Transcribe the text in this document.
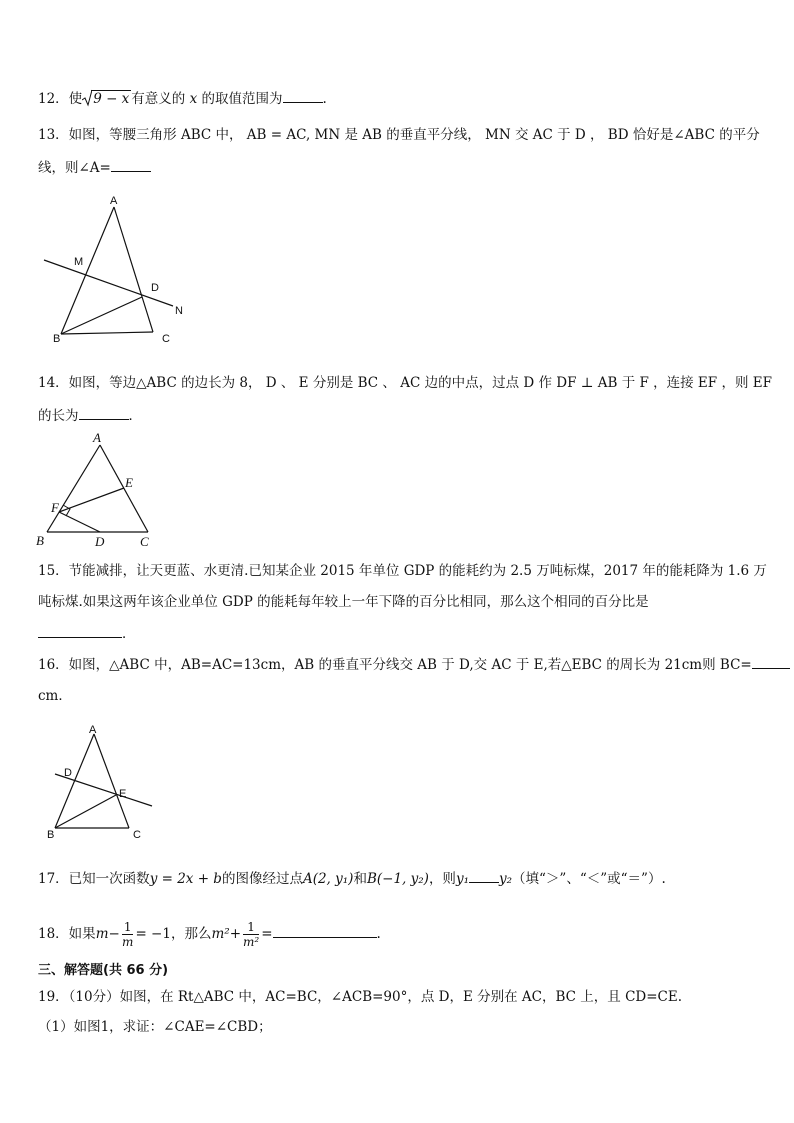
12．使 9 − x 有意义的 x 的取值范围为	.
13．如图，等腰三角形 ABC 中， AB = AC, MN 是 AB 的垂直平分线， MN 交 AC 于 D ， BD 恰好是∠ABC 的平分
线，则∠A=
A
M
D
N
B	C
14．如图，等边△ABC 的边长为 8， D 、 E 分别是 BC 、 AC 边的中点，过点 D 作 DF ⊥ AB 于 F ，连接 EF ，则 EF
的长为	．
A
E
F
B	D	C
15．节能减排，让天更蓝、水更清.已知某企业 2015 年单位 GDP 的能耗约为 2.5 万吨标煤，2017 年的能耗降为 1.6 万
吨标煤.如果这两年该企业单位 GDP 的能耗每年较上一年下降的百分比相同，那么这个相同的百分比是
．
16．如图，△ABC 中，AB=AC=13cm，AB 的垂直平分线交 AB 于 D,交 AC 于 E,若△EBC 的周长为 21cm则 BC=
cm．
A
D
E
B	C
17．已知一次函数y = 2x + b的图像经过点A(2, y₁)和B(−1, y₂)，则y₁ y₂（填“＞”、“＜”或“＝”）.
18．如果$m- \frac{1}{m} = -1$，那么$m^2+ \frac{1}{\text{m²}}$ =	.
三、解答题(共 66 分)
19．（10分）如图，在 Rt△ABC 中，AC=BC，∠ACB=90°，点 D，E 分别在 AC，BC 上，且 CD=CE.
（1）如图1，求证：∠CAE=∠CBD；
